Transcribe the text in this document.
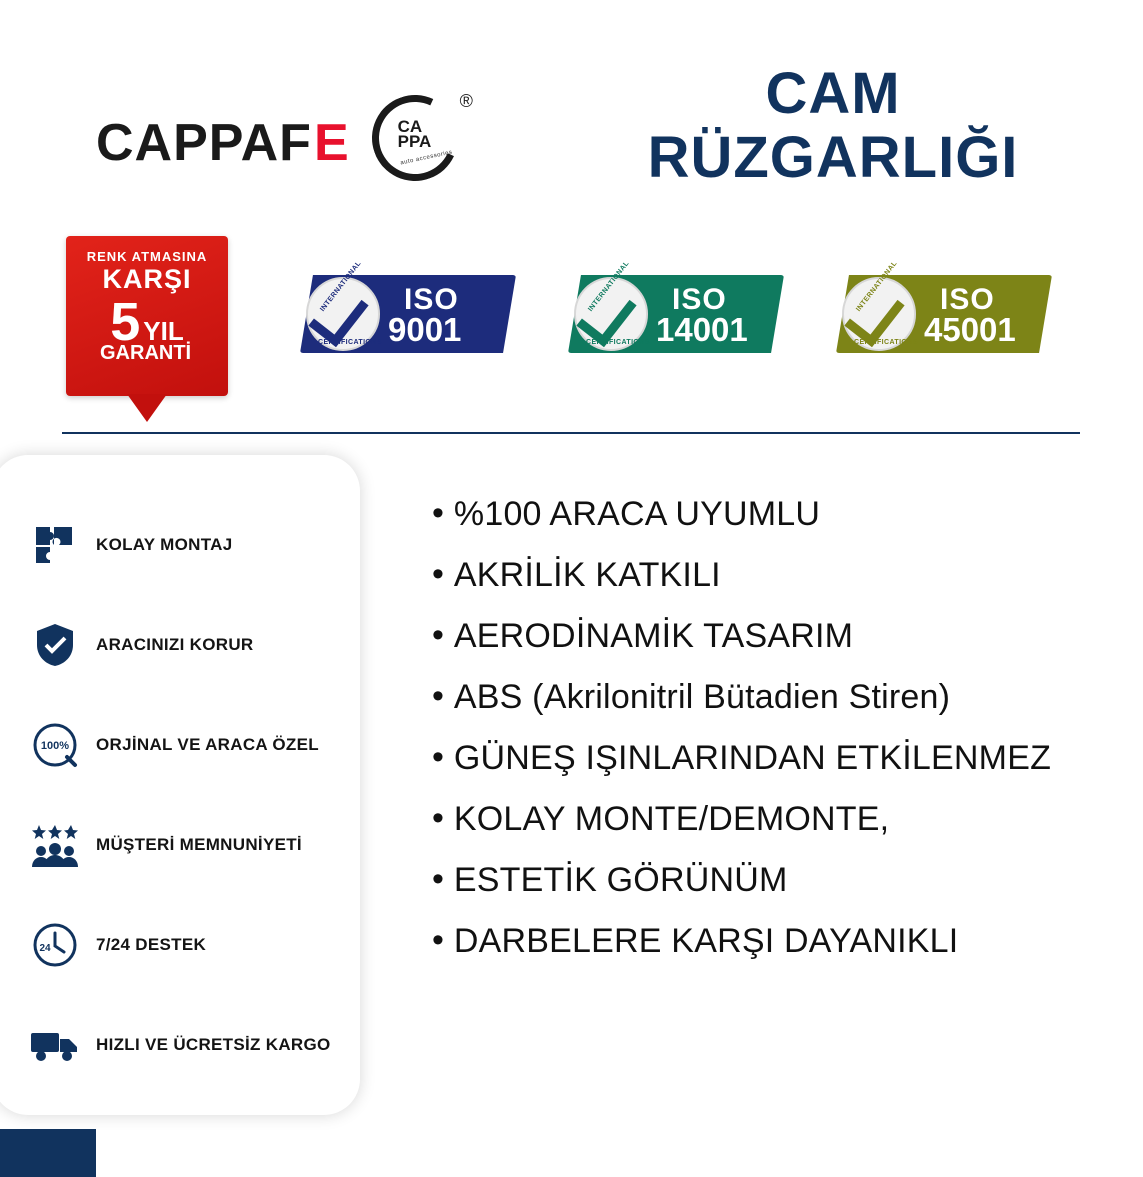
CAPPAF E	CA
PPA
auto accessories
®	CAM
RÜZGARLIĞI
RENK ATMASINA
KARŞI
5 YIL
GARANTİ
INTERNATIONAL
CERTIFICATIONS
ISO
9001
INTERNATIONAL
CERTIFICATIONS
ISO
14001
INTERNATIONAL
CERTIFICATIONS
ISO
45001
KOLAY MONTAJ
ARACINIZI KORUR
100% ORJİNAL VE ARACA ÖZEL
MÜŞTERİ MEMNUNİYETİ
24	7/24 DESTEK
HIZLI VE ÜCRETSİZ KARGO
• %100 ARACA UYUMLU
• AKRİLİK KATKILI
• AERODİNAMİK TASARIM
• ABS (Akrilonitril Bütadien Stiren)
• GÜNEŞ IŞINLARINDAN ETKİLENMEZ
• KOLAY MONTE/DEMONTE,
• ESTETİK GÖRÜNÜM
• DARBELERE KARŞI DAYANIKLI
